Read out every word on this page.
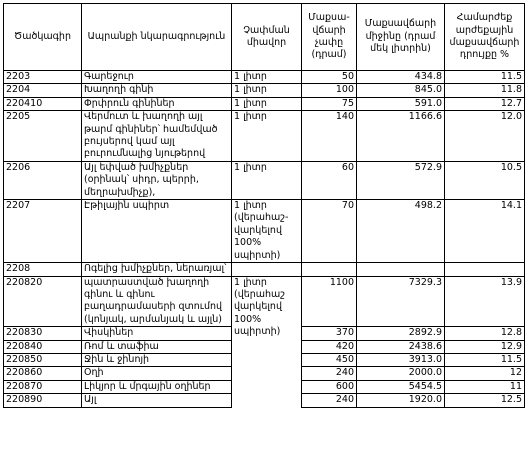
Ծածկագիր	Ապրանքի նկարագրություն	Չափման միավոր	Մաքսա-վճարի չափը (դրամ)	Մաքսավճարի միջինը (դրամ մեկ լիտրին)	Համարժեք արժեքային մաքսավճարի դրույքը %
2203	Գարեջուր	1 լիտր	50	434.8	11.5
2204	Խաղողի գինի	1 լիտր	100	845.0	11.8
220410	Փրփրուն գինիներ	1 լիտր	75	591.0	12.7
2205	Վերմուտ և խաղողի այլ թարմ գինիներ՝ համեմված բույսերով կամ այլ բուրումնալից նյութերով	1 լիտր	140	1166.6	12.0
2206	Այլ եփված խմիչքներ (օրինակ՝ սիդր, պերրի, մեղրախմիչք),	1 լիտր	60	572.9	10.5
2207	Էթիլային սպիրտ	1 լիտր (վերահաշ-վարկելով 100% սպիրտի)	70	498.2	14.1
2208	Ոգելից խմիչքներ, ներառյալ՝				
220820	պատրաստված խաղողի գինու և գինու բաղադրամասերի զտումով (կոնյակ, արմանյակ և այլն)	1 լիտր (վերահաշ վարկելով 100% սպիրտի)	1100	7329.3	13.9
220830	Վիսկիներ		370	2892.9	12.8
220840	Ռոմ և տաֆիա		420	2438.6	12.9
220850	Ջին և ջինոյի		450	3913.0	11.5
220860	Օղի		240	2000.0	12
220870	Լիկյոր և մրգային օղիներ		600	5454.5	11
220890	Այլ		240	1920.0	12.5
